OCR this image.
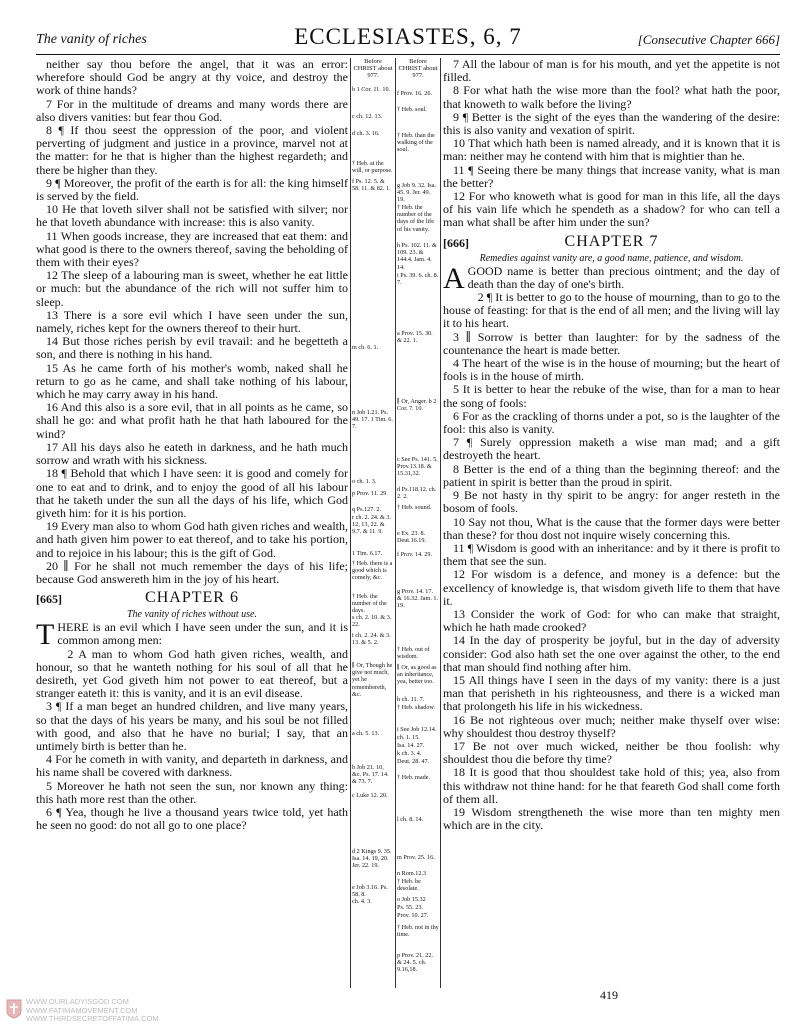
The vanity of riches	ECCLESIASTES, 6, 7	[Consecutive Chapter 666]

neither say thou before the angel, that it was an error: wherefore should God be angry at thy voice, and destroy the work of thine hands?

7 For in the multitude of dreams and many words there are also divers vanities: but fear thou God.

8 ¶ If thou seest the oppression of the poor, and violent perverting of judgment and justice in a province, marvel not at the matter: for he that is higher than the highest regardeth; and there be higher than they.

9 ¶ Moreover, the profit of the earth is for all: the king himself is served by the field.

10 He that loveth silver shall not be satisfied with silver; nor he that loveth abundance with increase: this is also vanity.

11 When goods increase, they are increased that eat them: and what good is there to the owners thereof, saving the beholding of them with their eyes?

12 The sleep of a labouring man is sweet, whether he eat little or much: but the abundance of the rich will not suffer him to sleep.

13 There is a sore evil which I have seen under the sun, namely, riches kept for the owners thereof to their hurt.

14 But those riches perish by evil travail: and he begetteth a son, and there is nothing in his hand.

15 As he came forth of his mother's womb, naked shall he return to go as he came, and shall take nothing of his labour, which he may carry away in his hand.

16 And this also is a sore evil, that in all points as he came, so shall he go: and what profit hath he that hath laboured for the wind?

17 All his days also he eateth in darkness, and he hath much sorrow and wrath with his sickness.

18 ¶ Behold that which I have seen: it is good and comely for one to eat and to drink, and to enjoy the good of all his labour that he taketh under the sun all the days of his life, which God giveth him: for it is his portion.

19 Every man also to whom God hath given riches and wealth, and hath given him power to eat thereof, and to take his portion, and to rejoice in his labour; this is the gift of God.

20 ∥ For he shall not much remember the days of his life; because God answereth him in the joy of his heart.

[665]	CHAPTER 6

The vanity of riches without use.

THERE is an evil which I have seen under the sun, and it is common among men:

2 A man to whom God hath given riches, wealth, and honour, so that he wanteth nothing for his soul of all that he desireth, yet God giveth him not power to eat thereof, but a stranger eateth it: this is vanity, and it is an evil disease.

3 ¶ If a man beget an hundred children, and live many years, so that the days of his years be many, and his soul be not filled with good, and also that he have no burial; I say, that an untimely birth is better than he.

4 For he cometh in with vanity, and departeth in darkness, and his name shall be covered with darkness.

5 Moreover he hath not seen the sun, nor known any thing: this hath more rest than the other.

6 ¶ Yea, though he live a thousand years twice told, yet hath he seen no good: do not all go to one place?

Before CHRIST about 977.
b 1 Cor. 11. 10.
c ch. 12. 13.
d ch. 3. 16.
† Heb. at the will, or purpose.
f Ps. 12. 5. & 58. 11. & 82. 1.
m ch. 6. 1.
n Job 1.21. Ps. 49. 17. 1 Tim. 6. 7.
o ch. 1. 3.
p Prov. 11. 29.
q Ps.127. 2.
r ch. 2. 24. & 3. 12, 13, 22. & 9.7. & 11. 9.
1 Tim. 6.17.
† Heb. there is a good which is comely, &c.
† Heb. the number of the days.
s ch. 2. 10. & 3. 22.
t ch. 2. 24. & 3. 13. & 5. 2.
∥ Or, Though he give not much, yet he remembereth, &c.
a ch. 5. 13.
b Job 21. 10, &c. Ps. 17. 14. & 73. 7.
c Luke 12. 20.
d 2 Kings 9. 35. Isa. 14. 19, 20. Jer. 22. 19.
e Job 3.16. Ps. 58. 8.
ch. 4. 3.
Before CHRIST about 977.
f Prov. 16. 26.
† Heb. soul.
† Heb. than the walking of the soul.
g Job 9. 32. Isa. 45. 9. Jer. 49. 19.
† Heb. the number of the days of the life of his vanity.
h Ps. 102. 11. & 109. 23. & 144.4. Jam. 4. 14.
i Ps. 39. 6. ch. 8. 7.
a Prov. 15. 30. & 22. 1.
∥ Or, Anger. b 2 Cor. 7. 10.
c See Ps. 141. 5. Prov.13.18. & 15.31,32.
d Ps.118.12. ch. 2. 2.
† Heb. sound.
e Ex. 23. 8. Deut.16.19.
f Prov. 14. 29.
g Prov. 14. 17. & 16.32. Jam. 1. 19.
† Heb. out of wisdom.
∥ Or, as good as an inheritance, yea, better too.
h ch. 11. 7.
† Heb. shadow.
i See Job 12.14.
ch. 1. 15.
Isa. 14. 27.
k ch. 3. 4.
Deut. 28. 47.
† Heb. made.
l ch. 8. 14.
m Prov. 25. 16.
n Rom.12.3
† Heb. be desolate.
o Job 15.32
Ps. 55. 23.
Prov. 10. 27.
† Heb. not in thy time.
p Prov. 21. 22. & 24. 5. ch. 9.16,18.

7 All the labour of man is for his mouth, and yet the appetite is not filled.

8 For what hath the wise more than the fool? what hath the poor, that knoweth to walk before the living?

9 ¶ Better is the sight of the eyes than the wandering of the desire: this is also vanity and vexation of spirit.

10 That which hath been is named already, and it is known that it is man: neither may he contend with him that is mightier than he.

11 ¶ Seeing there be many things that increase vanity, what is man the better?

12 For who knoweth what is good for man in this life, all the days of his vain life which he spendeth as a shadow? for who can tell a man what shall be after him under the sun?

[666]	CHAPTER 7

Remedies against vanity are, a good name, patience, and wisdom.

AGOOD name is better than precious ointment; and the day of death than the day of one's birth.

2 ¶ It is better to go to the house of mourning, than to go to the house of feasting: for that is the end of all men; and the living will lay it to his heart.

3 ∥ Sorrow is better than laughter: for by the sadness of the countenance the heart is made better.

4 The heart of the wise is in the house of mourning; but the heart of fools is in the house of mirth.

5 It is better to hear the rebuke of the wise, than for a man to hear the song of fools:

6 For as the crackling of thorns under a pot, so is the laughter of the fool: this also is vanity.

7 ¶ Surely oppression maketh a wise man mad; and a gift destroyeth the heart.

8 Better is the end of a thing than the beginning thereof: and the patient in spirit is better than the proud in spirit.

9 Be not hasty in thy spirit to be angry: for anger resteth in the bosom of fools.

10 Say not thou, What is the cause that the former days were better than these? for thou dost not inquire wisely concerning this.

11 ¶ Wisdom is good with an inheritance: and by it there is profit to them that see the sun.

12 For wisdom is a defence, and money is a defence: but the excellency of knowledge is, that wisdom giveth life to them that have it.

13 Consider the work of God: for who can make that straight, which he hath made crooked?

14 In the day of prosperity be joyful, but in the day of adversity consider: God also hath set the one over against the other, to the end that man should find nothing after him.

15 All things have I seen in the days of my vanity: there is a just man that perisheth in his righteousness, and there is a wicked man that prolongeth his life in his wickedness.

16 Be not righteous over much; neither make thyself over wise: why shouldest thou destroy thyself?

17 Be not over much wicked, neither be thou foolish: why shouldest thou die before thy time?

18 It is good that thou shouldest take hold of this; yea, also from this withdraw not thine hand: for he that feareth God shall come forth of them all.

19 Wisdom strengtheneth the wise more than ten mighty men which are in the city.

419
WWW.OURLADYISGOD.COM
WWW.FATIMAMOVEMENT.COM
WWW.THIRDSECRETOFFATIMA.COM
